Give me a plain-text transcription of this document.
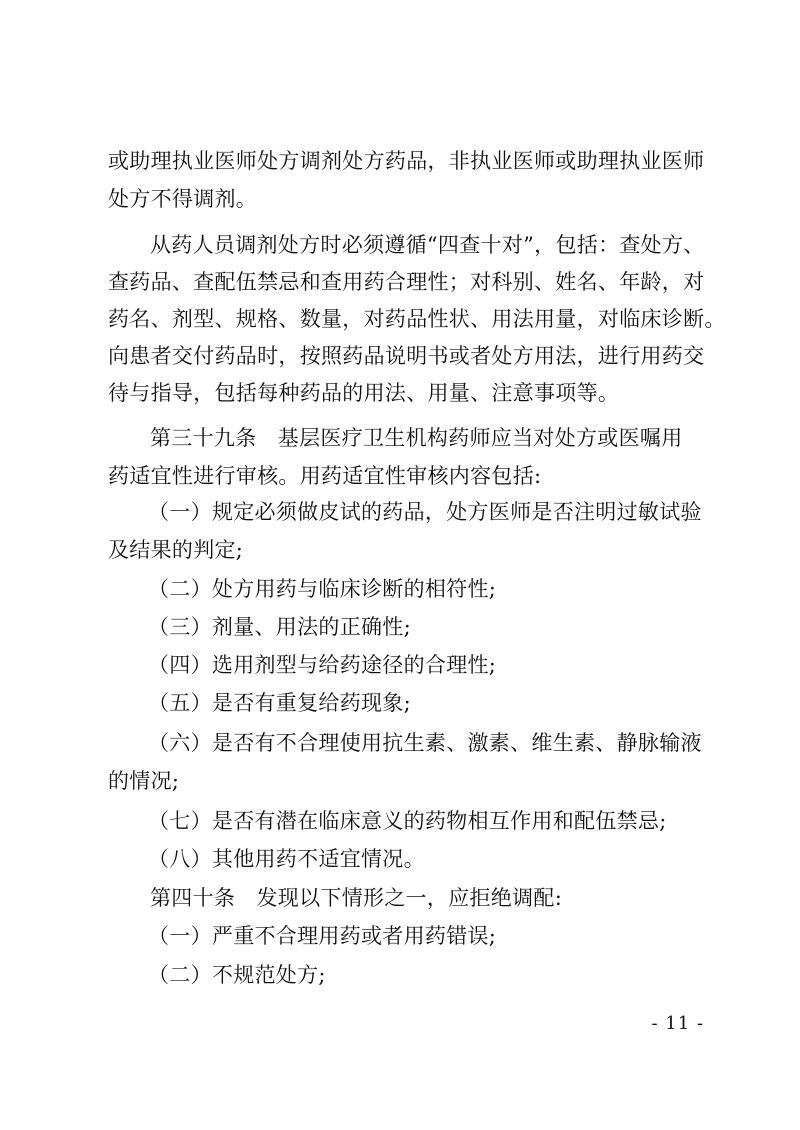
或助理执业医师处方调剂处方药品，非执业医师或助理执业医师
处方不得调剂。
从药人员调剂处方时必须遵循“四查十对”，包括：查处方、
查药品、查配伍禁忌和查用药合理性；对科别、姓名、年龄，对
药名、剂型、规格、数量，对药品性状、用法用量，对临床诊断。
向患者交付药品时，按照药品说明书或者处方用法，进行用药交
待与指导，包括每种药品的用法、用量、注意事项等。
第三十九条　基层医疗卫生机构药师应当对处方或医嘱用
药适宜性进行审核。用药适宜性审核内容包括:
（一）规定必须做皮试的药品，处方医师是否注明过敏试验
及结果的判定;
（二）处方用药与临床诊断的相符性;
（三）剂量、用法的正确性;
（四）选用剂型与给药途径的合理性;
（五）是否有重复给药现象;
（六）是否有不合理使用抗生素、激素、维生素、静脉输液
的情况;
（七）是否有潜在临床意义的药物相互作用和配伍禁忌;
（八）其他用药不适宜情况。
第四十条　发现以下情形之一，应拒绝调配:
（一）严重不合理用药或者用药错误;
（二）不规范处方;
- 11 -
